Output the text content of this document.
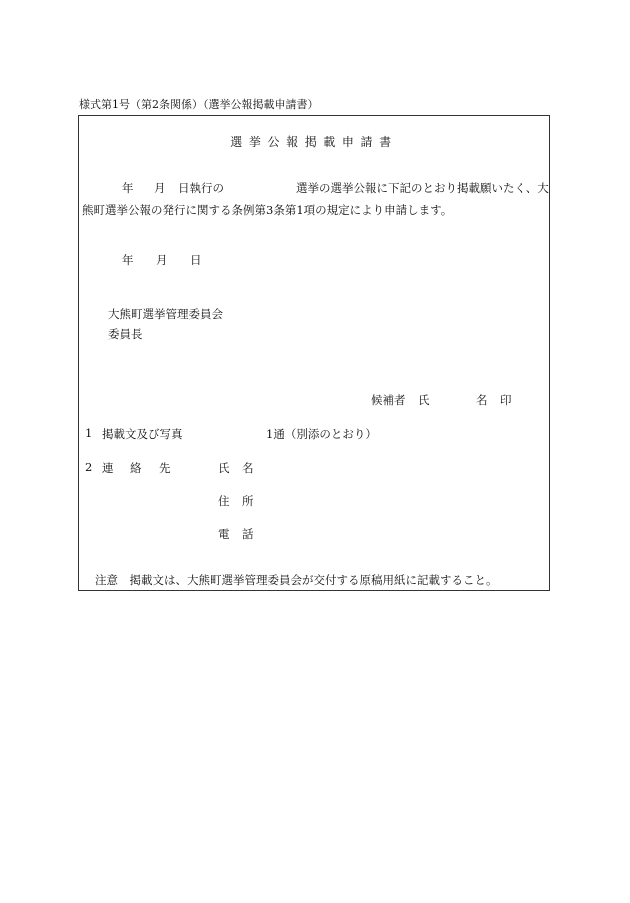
様式第1号（第2条関係）（選挙公報掲載申請書）
選挙公報掲載申請書
年 月 日執行の	選挙の選挙公報に下記のとおり掲載願いたく、大
熊町選挙公報の発行に関する条例第3条第1項の規定により申請します。
年 月 日
大熊町選挙管理委員会
委員長
候補者 氏	名 印
1 掲載文及び写真	1通（別添のとおり）
2 連 絡 先	氏 名
住 所
電 話
注意　掲載文は、大熊町選挙管理委員会が交付する原稿用紙に記載すること。
